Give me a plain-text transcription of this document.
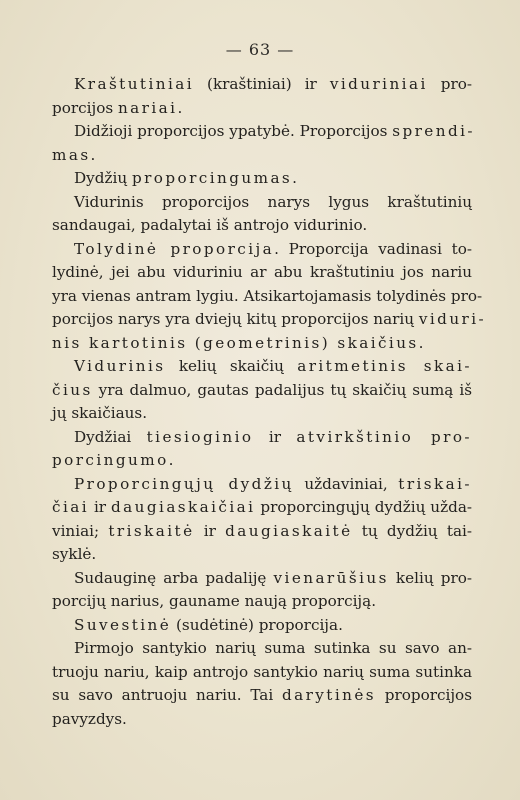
— 63 —
Kraštutiniai (kraštiniai) ir viduriniai pro-
porcijos nariai.
Didžioji proporcijos ypatybė. Proporcijos sprendi-
mas.
Dydžių proporcingumas.
Vidurinis proporcijos narys lygus kraštutinių
sandaugai, padalytai iš antrojo vidurinio.
Tolydinė proporcija. Proporcija vadinasi to-
lydinė, jei abu viduriniu ar abu kraštutiniu jos nariu
yra vienas antram lygiu. Atsikartojamasis tolydinės pro-
porcijos narys yra dviejų kitų proporcijos narių viduri-
nis kartotinis (geometrinis) skaičius.
Vidurinis kelių skaičių aritmetinis skai-
čius yra dalmuo, gautas padalijus tų skaičių sumą iš
jų skaičiaus.
Dydžiai tiesioginio ir atvirkštinio pro-
porcingumo.
Proporcingųjų dydžių uždaviniai, triskai-
čiai ir daugiaskaičiai proporcingųjų dydžių užda-
viniai; triskaitė ir daugiaskaitė tų dydžių tai-
syklė.
Sudauginę arba padaliję vienarūšius kelių pro-
porcijų narius, gauname naują proporciją.
Suvestinė (sudėtinė) proporcija.
Pirmojo santykio narių suma sutinka su savo an-
truoju nariu, kaip antrojo santykio narių suma sutinka
su savo antruoju nariu. Tai darytinės proporcijos
pavyzdys.
